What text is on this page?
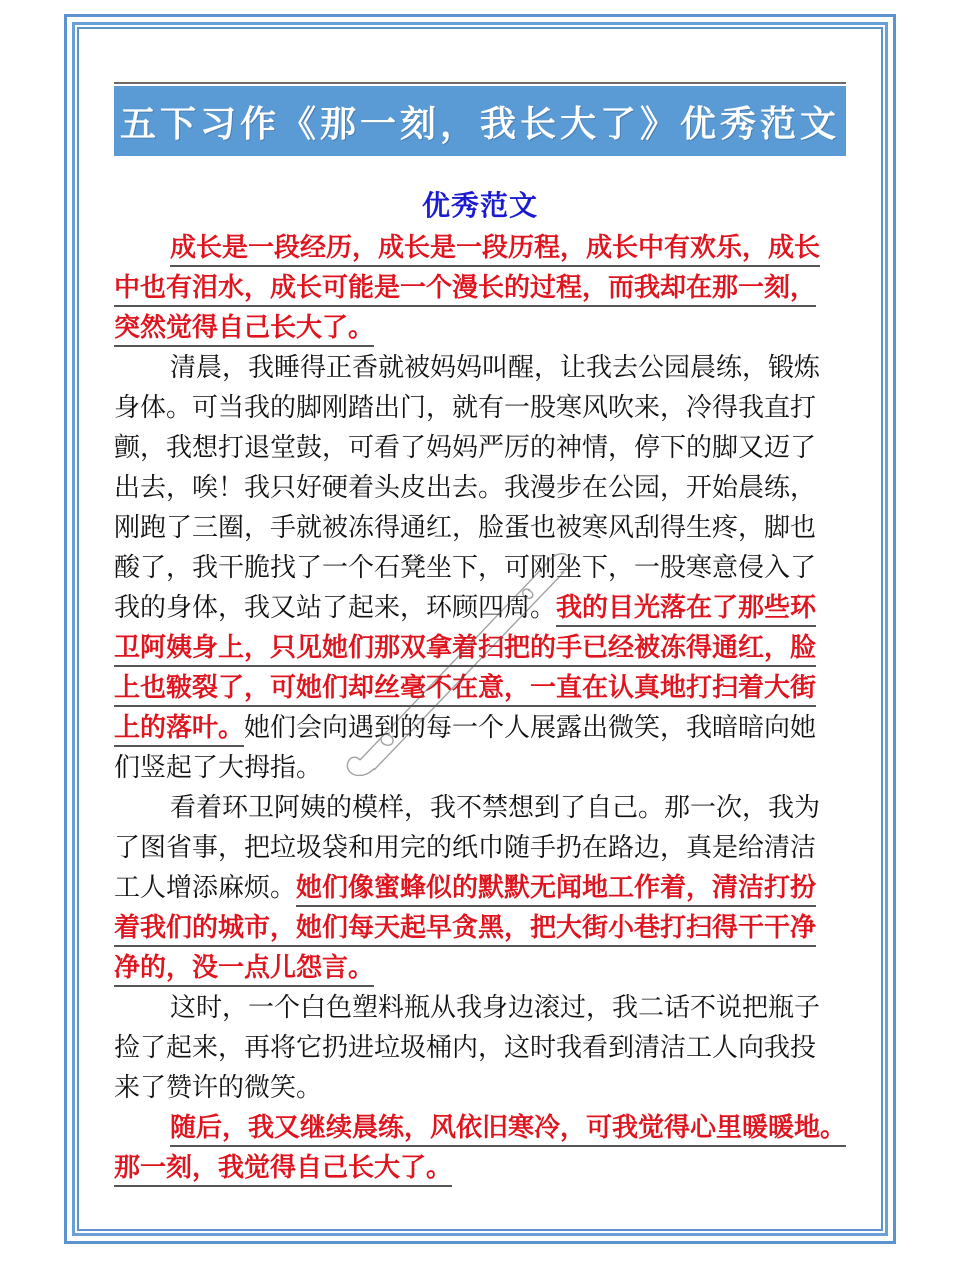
五下习作《那一刻，我长大了》优秀范文
优秀范文
成长是一段经历，成长是一段历程，成长中有欢乐，成长
中也有泪水，成长可能是一个漫长的过程，而我却在那一刻，
突然觉得自己长大了。
清晨，我睡得正香就被妈妈叫醒，让我去公园晨练，锻炼
身体。可当我的脚刚踏出门，就有一股寒风吹来，冷得我直打
颤，我想打退堂鼓，可看了妈妈严厉的神情，停下的脚又迈了
出去，唉！我只好硬着头皮出去。我漫步在公园，开始晨练，
刚跑了三圈，手就被冻得通红，脸蛋也被寒风刮得生疼，脚也
酸了，我干脆找了一个石凳坐下，可刚坐下，一股寒意侵入了
我的身体，我又站了起来，环顾四周。我的目光落在了那些环
卫阿姨身上，只见她们那双拿着扫把的手已经被冻得通红，脸
上也皲裂了，可她们却丝毫不在意，一直在认真地打扫着大街
上的落叶。她们会向遇到的每一个人展露出微笑，我暗暗向她
们竖起了大拇指。
看着环卫阿姨的模样，我不禁想到了自己。那一次，我为
了图省事，把垃圾袋和用完的纸巾随手扔在路边，真是给清洁
工人增添麻烦。她们像蜜蜂似的默默无闻地工作着，清洁打扮
着我们的城市，她们每天起早贪黑，把大街小巷打扫得干干净
净的，没一点儿怨言。
这时，一个白色塑料瓶从我身边滚过，我二话不说把瓶子
捡了起来，再将它扔进垃圾桶内，这时我看到清洁工人向我投
来了赞许的微笑。
随后，我又继续晨练，风依旧寒冷，可我觉得心里暖暖地。
那一刻，我觉得自己长大了。
